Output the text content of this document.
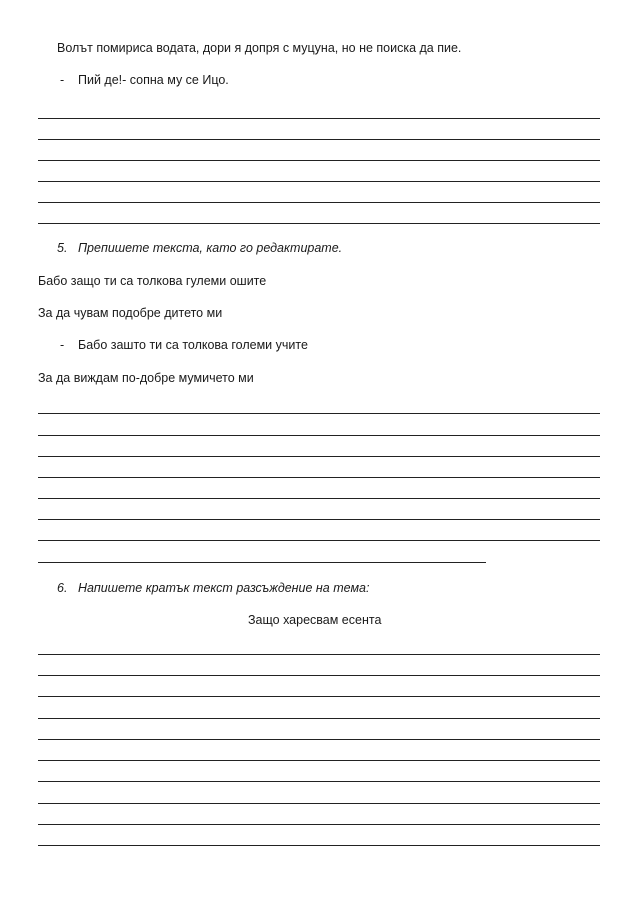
Волът помириса водата, дори я допря с муцуна, но не поиска да пие.
- Пий де!- сопна му се Ицо.
5. Препишете текста, като го редактирате.
Бабо защо ти са толкова гулеми ошите
За да чувам подобре дитето ми
- Бабо зашто ти са толкова големи учите
За да виждам по-добре мумичето ми
6. Напишете кратък текст разсъждение на тема:
Защо харесвам есента
